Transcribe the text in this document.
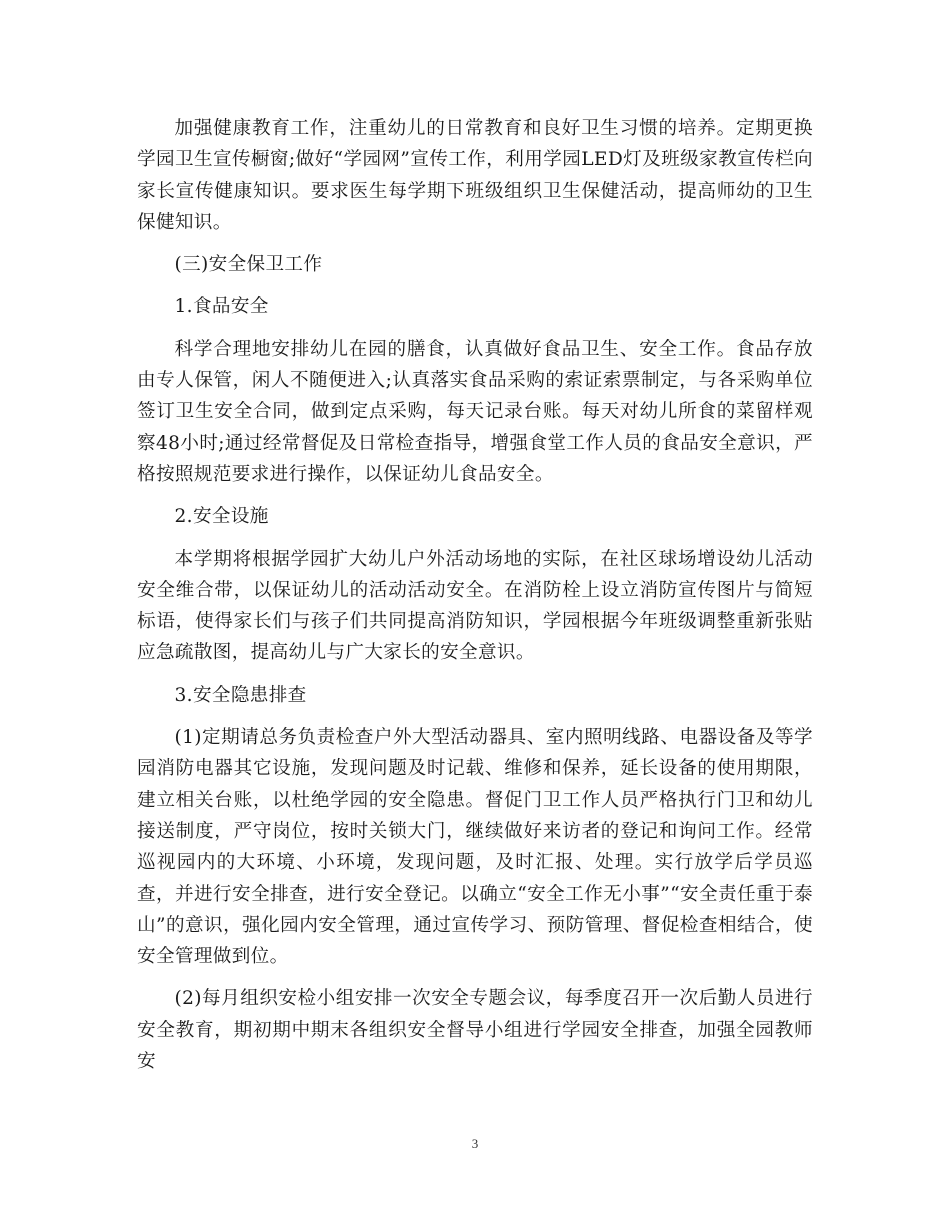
加强健康教育工作，注重幼儿的日常教育和良好卫生习惯的培养。定期更换学园卫生宣传橱窗;做好“学园网”宣传工作，利用学园LED灯及班级家教宣传栏向家长宣传健康知识。要求医生每学期下班级组织卫生保健活动，提高师幼的卫生保健知识。

(三)安全保卫工作

1.食品安全

科学合理地安排幼儿在园的膳食，认真做好食品卫生、安全工作。食品存放由专人保管，闲人不随便进入;认真落实食品采购的索证索票制定，与各采购单位签订卫生安全合同，做到定点采购，每天记录台账。每天对幼儿所食的菜留样观察48小时;通过经常督促及日常检查指导，增强食堂工作人员的食品安全意识，严格按照规范要求进行操作，以保证幼儿食品安全。

2.安全设施

本学期将根据学园扩大幼儿户外活动场地的实际，在社区球场增设幼儿活动安全维合带，以保证幼儿的活动活动安全。在消防栓上设立消防宣传图片与简短标语，使得家长们与孩子们共同提高消防知识，学园根据今年班级调整重新张贴应急疏散图，提高幼儿与广大家长的安全意识。

3.安全隐患排查

(1)定期请总务负责检查户外大型活动器具、室内照明线路、电器设备及等学园消防电器其它设施，发现问题及时记载、维修和保养，延长设备的使用期限，建立相关台账，以杜绝学园的安全隐患。督促门卫工作人员严格执行门卫和幼儿接送制度，严守岗位，按时关锁大门，继续做好来访者的登记和询问工作。经常巡视园内的大环境、小环境，发现问题，及时汇报、处理。实行放学后学员巡查，并进行安全排查，进行安全登记。以确立“安全工作无小事”“安全责任重于泰山”的意识，强化园内安全管理，通过宣传学习、预防管理、督促检查相结合，使安全管理做到位。

(2)每月组织安检小组安排一次安全专题会议，每季度召开一次后勤人员进行安全教育，期初期中期末各组织安全督导小组进行学园安全排查，加强全园教师安

3
